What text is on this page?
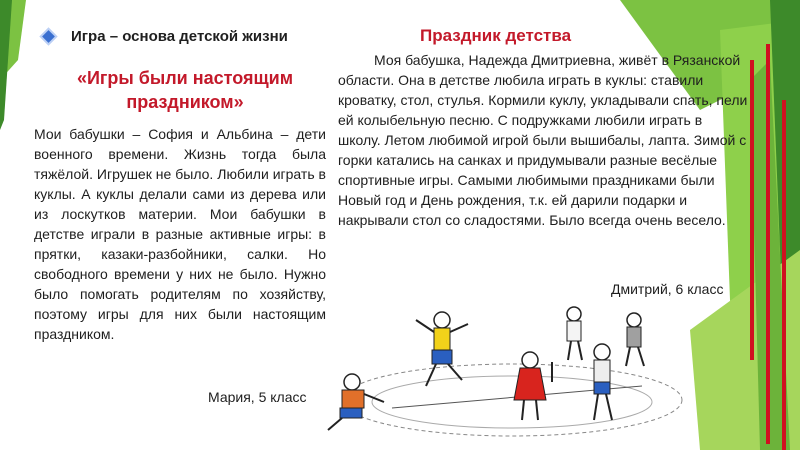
Игра – основа детской жизни
«Игры были настоящим
праздником»
Мои бабушки – София и Альбина – дети военного времени. Жизнь тогда была тяжёлой. Игрушек не было. Любили играть в куклы. А куклы делали сами из дерева или из лоскутков материи. Мои бабушки в детстве играли в разные активные игры: в прятки, казаки-разбойники, салки. Но свободного времени у них не было. Нужно было помогать родителям по хозяйству, поэтому игры для них были настоящим праздником.
Праздник детства
Моя бабушка, Надежда Дмитриевна, живёт в Рязанской области. Она в детстве любила играть в куклы: ставили кроватку, стол, стулья. Кормили куклу, укладывали спать, пели ей колыбельную песню. С подружками любили играть в школу. Летом любимой игрой были вышибалы, лапта. Зимой с горки катались на санках и придумывали разные весёлые спортивные игры. Самыми любимыми праздниками были Новый год и День рождения, т.к. ей дарили подарки и накрывали стол со сладостями. Было всегда очень весело.
Дмитрий, 6 класс
Мария, 5 класс
